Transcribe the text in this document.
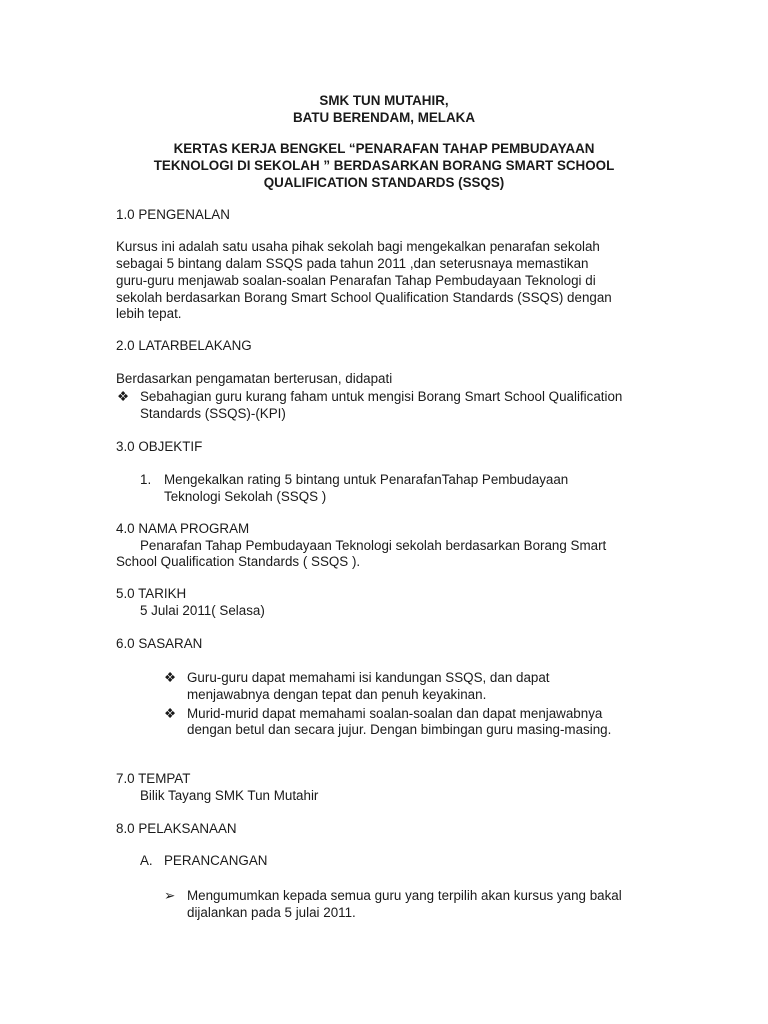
SMK TUN MUTAHIR,

BATU BERENDAM, MELAKA

KERTAS KERJA BENGKEL “PENARAFAN TAHAP PEMBUDAYAAN

TEKNOLOGI DI SEKOLAH ” BERDASARKAN BORANG SMART SCHOOL

QUALIFICATION STANDARDS (SSQS)

1.0 PENGENALAN

Kursus ini adalah satu usaha pihak sekolah bagi mengekalkan penarafan sekolah

sebagai 5 bintang dalam SSQS pada tahun 2011 ,dan seterusnaya memastikan

guru-guru menjawab soalan-soalan Penarafan Tahap Pembudayaan Teknologi di

sekolah berdasarkan Borang Smart School Qualification Standards (SSQS) dengan

lebih tepat.

2.0 LATARBELAKANG

Berdasarkan pengamatan berterusan, didapati

❖ Sebahagian guru kurang faham untuk mengisi Borang Smart School Qualification

Standards (SSQS)-(KPI)

3.0 OBJEKTIF

1. Mengekalkan rating 5 bintang untuk PenarafanTahap Pembudayaan

Teknologi Sekolah (SSQS )

4.0 NAMA PROGRAM

Penarafan Tahap Pembudayaan Teknologi sekolah berdasarkan Borang Smart

School Qualification Standards ( SSQS ).

5.0 TARIKH

5 Julai 2011( Selasa)

6.0 SASARAN

❖ Guru-guru dapat memahami isi kandungan SSQS, dan dapat

menjawabnya dengan tepat dan penuh keyakinan.

❖ Murid-murid dapat memahami soalan-soalan dan dapat menjawabnya

dengan betul dan secara jujur. Dengan bimbingan guru masing-masing.

7.0 TEMPAT

Bilik Tayang SMK Tun Mutahir

8.0 PELAKSANAAN

A. PERANCANGAN

➢ Mengumumkan kepada semua guru yang terpilih akan kursus yang bakal

dijalankan pada 5 julai 2011.
